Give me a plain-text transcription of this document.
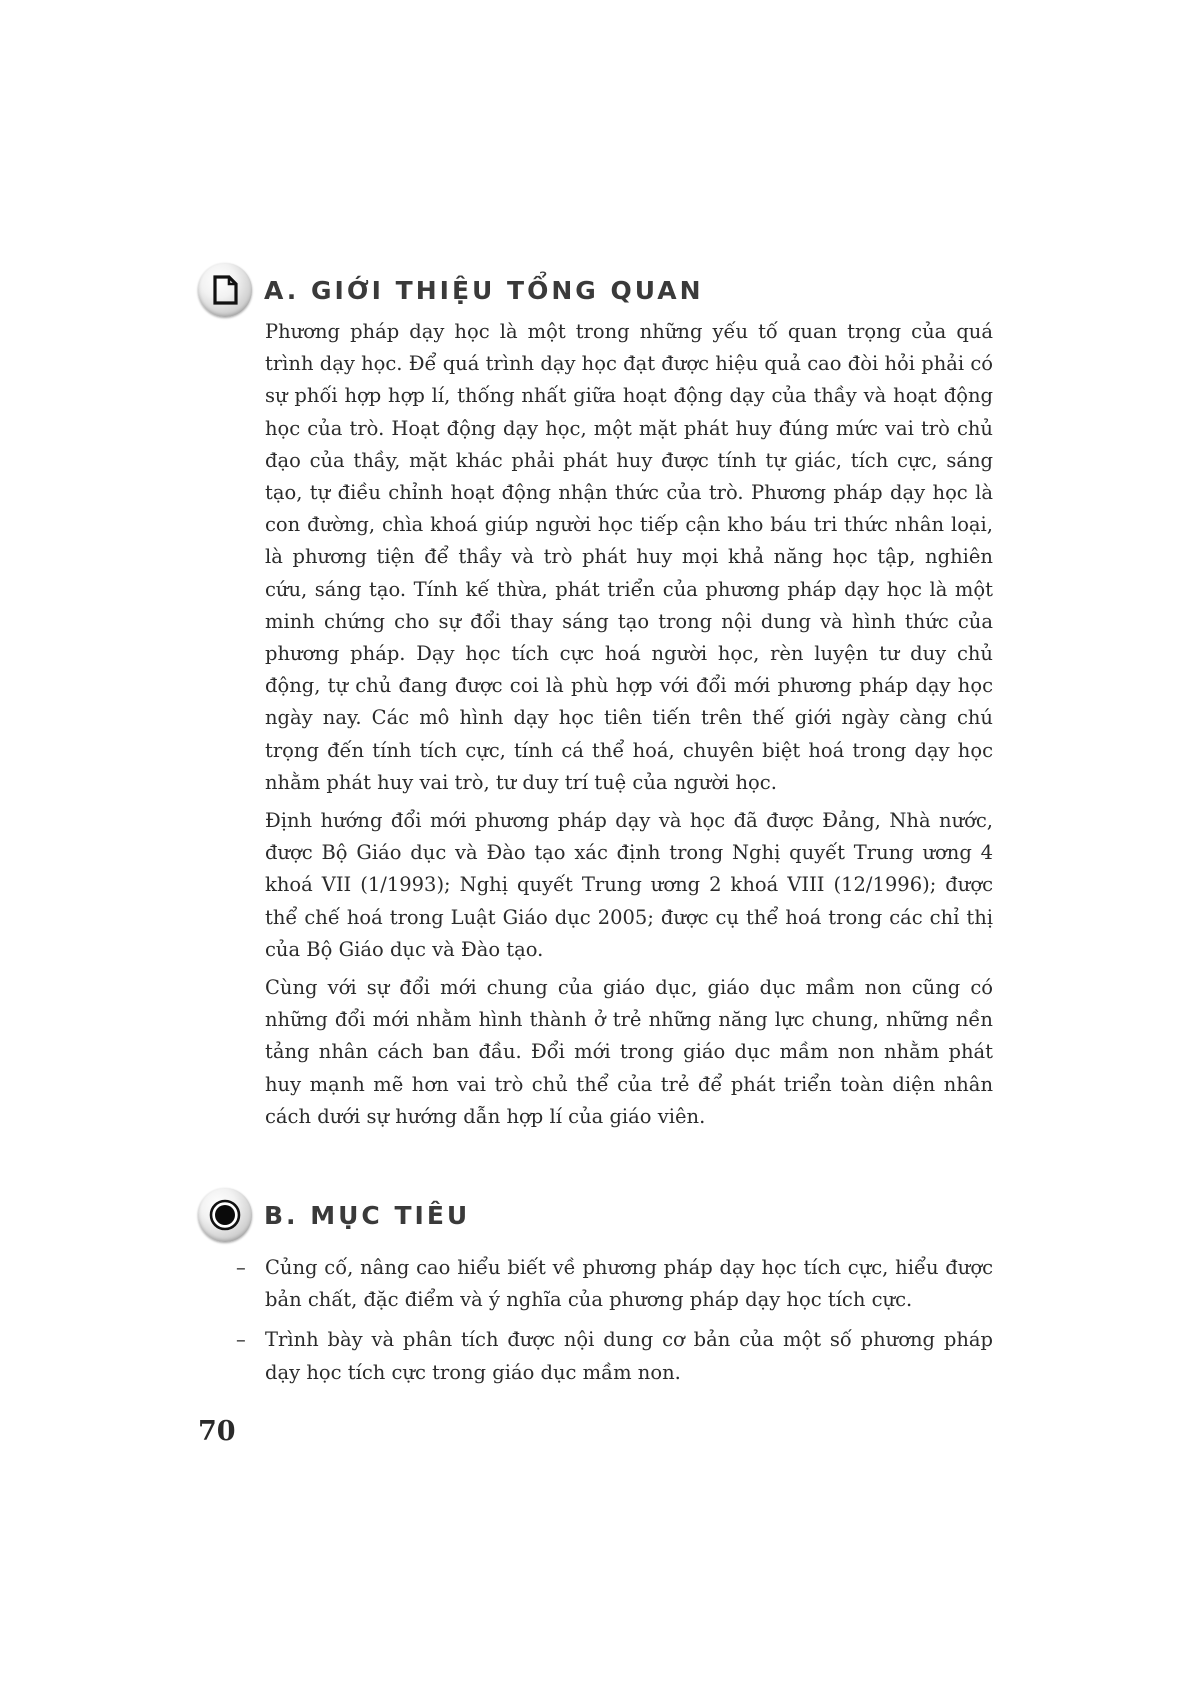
A. GIỚI THIỆU TỔNG QUAN

Phương pháp dạy học là một trong những yếu tố quan trọng của quá trình dạy học. Để quá trình dạy học đạt được hiệu quả cao đòi hỏi phải có sự phối hợp hợp lí, thống nhất giữa hoạt động dạy của thầy và hoạt động học của trò. Hoạt động dạy học, một mặt phát huy đúng mức vai trò chủ đạo của thầy, mặt khác phải phát huy được tính tự giác, tích cực, sáng tạo, tự điều chỉnh hoạt động nhận thức của trò. Phương pháp dạy học là con đường, chìa khoá giúp người học tiếp cận kho báu tri thức nhân loại, là phương tiện để thầy và trò phát huy mọi khả năng học tập, nghiên cứu, sáng tạo. Tính kế thừa, phát triển của phương pháp dạy học là một minh chứng cho sự đổi thay sáng tạo trong nội dung và hình thức của phương pháp. Dạy học tích cực hoá người học, rèn luyện tư duy chủ động, tự chủ đang được coi là phù hợp với đổi mới phương pháp dạy học ngày nay. Các mô hình dạy học tiên tiến trên thế giới ngày càng chú trọng đến tính tích cực, tính cá thể hoá, chuyên biệt hoá trong dạy học nhằm phát huy vai trò, tư duy trí tuệ của người học.

Định hướng đổi mới phương pháp dạy và học đã được Đảng, Nhà nước, được Bộ Giáo dục và Đào tạo xác định trong Nghị quyết Trung ương 4 khoá VII (1/1993); Nghị quyết Trung ương 2 khoá VIII (12/1996); được thể chế hoá trong Luật Giáo dục 2005; được cụ thể hoá trong các chỉ thị của Bộ Giáo dục và Đào tạo.

Cùng với sự đổi mới chung của giáo dục, giáo dục mầm non cũng có những đổi mới nhằm hình thành ở trẻ những năng lực chung, những nền tảng nhân cách ban đầu. Đổi mới trong giáo dục mầm non nhằm phát huy mạnh mẽ hơn vai trò chủ thể của trẻ để phát triển toàn diện nhân cách dưới sự hướng dẫn hợp lí của giáo viên.

B. MỤC TIÊU
– Củng cố, nâng cao hiểu biết về phương pháp dạy học tích cực, hiểu được bản chất, đặc điểm và ý nghĩa của phương pháp dạy học tích cực.
– Trình bày và phân tích được nội dung cơ bản của một số phương pháp dạy học tích cực trong giáo dục mầm non.
70
